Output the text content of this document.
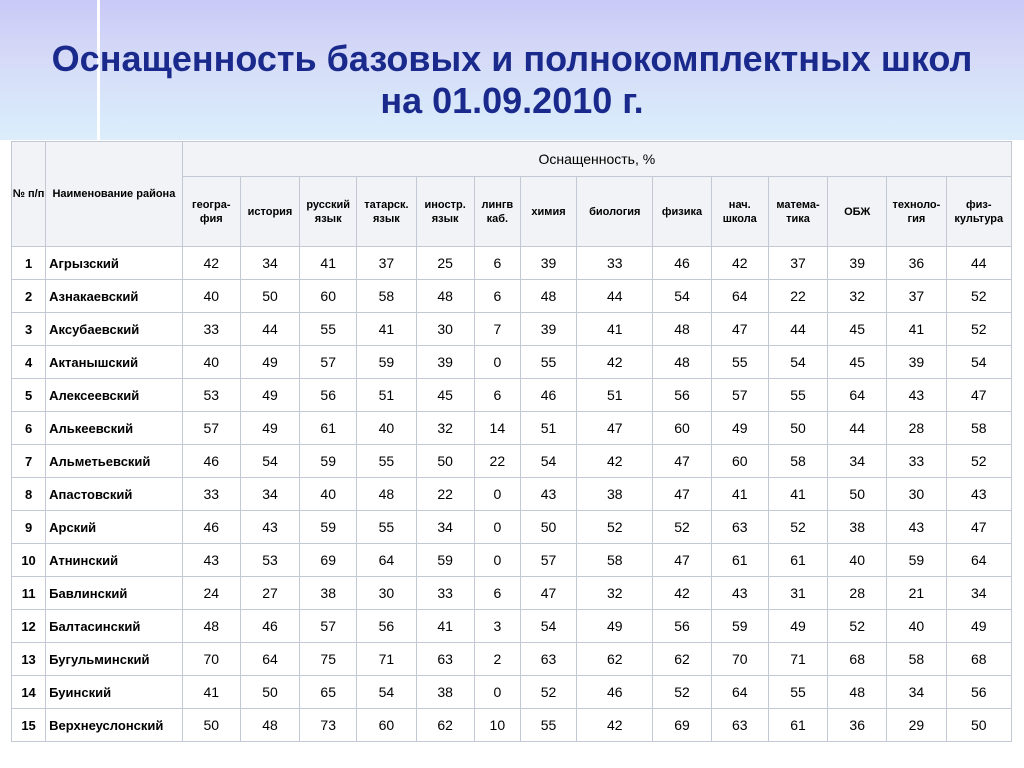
Оснащенность базовых и полнокомплектных школ
на 01.09.2010 г.
№ п/п	Наименование района	Оснащенность, %													
		геогра-фия	история	русский язык	татарск. язык	иностр. язык	лингв каб.	химия	биология	физика	нач. школа	матема-тика	ОБЖ	техноло-гия	физ-культура
1	Агрызский	42	34	41	37	25	6	39	33	46	42	37	39	36	44
2	Азнакаевский	40	50	60	58	48	6	48	44	54	64	22	32	37	52
3	Аксубаевский	33	44	55	41	30	7	39	41	48	47	44	45	41	52
4	Актанышский	40	49	57	59	39	0	55	42	48	55	54	45	39	54
5	Алексеевский	53	49	56	51	45	6	46	51	56	57	55	64	43	47
6	Алькеевский	57	49	61	40	32	14	51	47	60	49	50	44	28	58
7	Альметьевский	46	54	59	55	50	22	54	42	47	60	58	34	33	52
8	Апастовский	33	34	40	48	22	0	43	38	47	41	41	50	30	43
9	Арский	46	43	59	55	34	0	50	52	52	63	52	38	43	47
10	Атнинский	43	53	69	64	59	0	57	58	47	61	61	40	59	64
11	Бавлинский	24	27	38	30	33	6	47	32	42	43	31	28	21	34
12	Балтасинский	48	46	57	56	41	3	54	49	56	59	49	52	40	49
13	Бугульминский	70	64	75	71	63	2	63	62	62	70	71	68	58	68
14	Буинский	41	50	65	54	38	0	52	46	52	64	55	48	34	56
15	Верхнеуслонский	50	48	73	60	62	10	55	42	69	63	61	36	29	50
